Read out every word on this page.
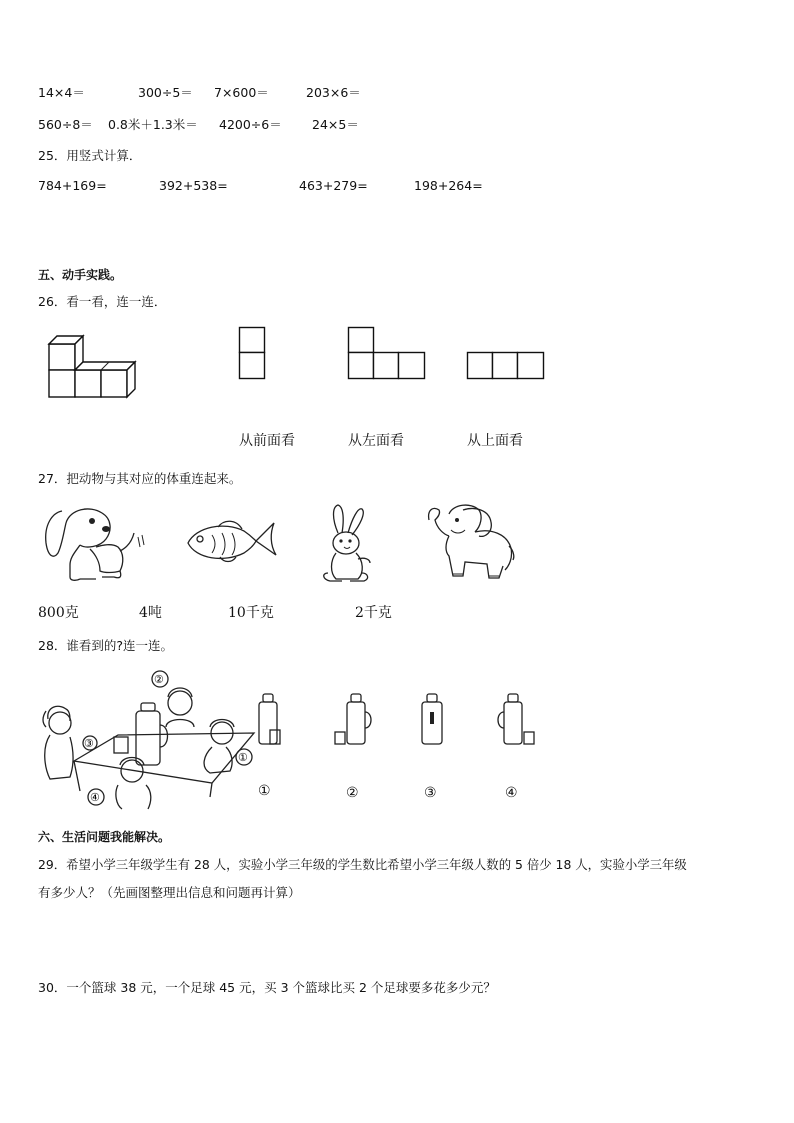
14×4＝	300÷5＝ 7×600＝	203×6＝
560÷8＝ 0.8米＋1.3米＝ 4200÷6＝ 24×5＝
25．用竖式计算．
784+169=	392+538=	463+279=	198+264=
五、动手实践。
26．看一看，连一连．
从前面看	从左面看	从上面看
27．把动物与其对应的体重连起来。
800克	4吨	10千克	2千克
28．谁看到的?连一连。
②
③
①
④	①	②	③	④
六、生活问题我能解决。
29．希望小学三年级学生有 28 人，实验小学三年级的学生数比希望小学三年级人数的 5 倍少 18 人，实验小学三年级
有多少人？（先画图整理出信息和问题再计算）
30．一个篮球 38 元，一个足球 45 元，买 3 个篮球比买 2 个足球要多花多少元？
